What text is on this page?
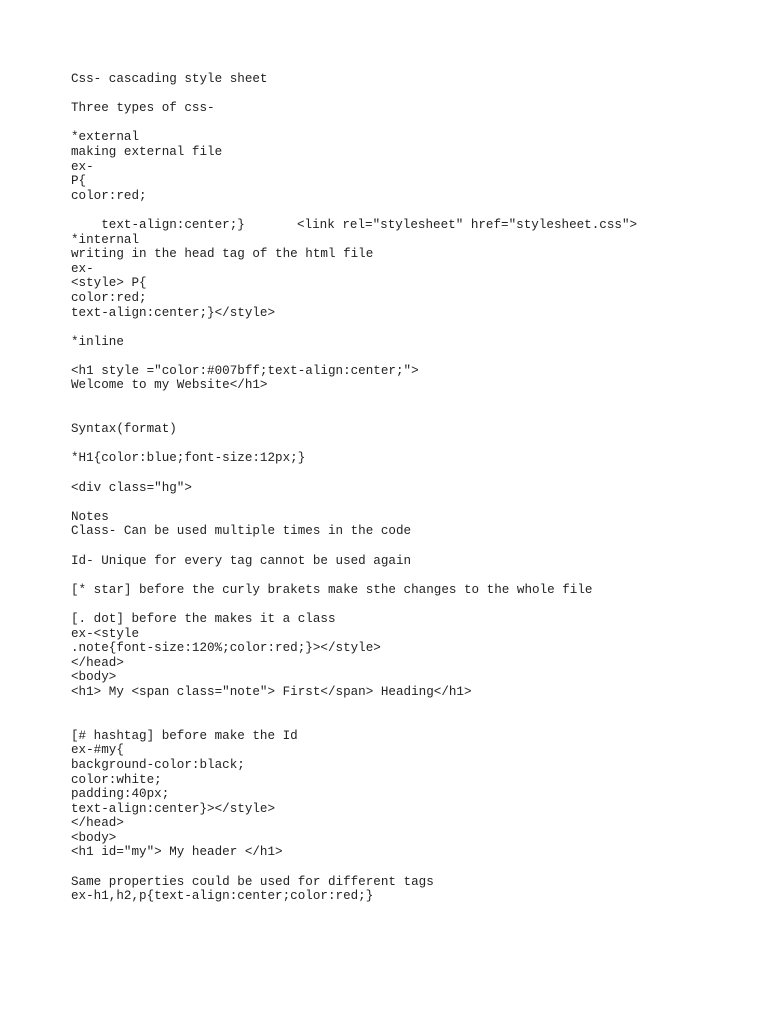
Css- cascading style sheet
Three types of css-
*external
making external file
ex-
P{
color:red;

text-align:center;}	<link rel="stylesheet" href="stylesheet.css">

*internal
writing in the head tag of the html file
ex-
<style> P{
color:red;
text-align:center;}</style>
*inline
<h1 style ="color:#007bff;text-align:center;">
Welcome to my Website</h1>
Syntax(format)
*H1{color:blue;font-size:12px;}
<div class="hg">
Notes
Class- Can be used multiple times in the code
Id- Unique for every tag cannot be used again
[* star] before the curly brakets make sthe changes to the whole file
[. dot] before the makes it a class
ex-<style
.note{font-size:120%;color:red;}></style>
</head>
<body>
<h1> My <span class="note"> First</span> Heading</h1>
[# hashtag] before make the Id
ex-#my{
background-color:black;
color:white;
padding:40px;
text-align:center}></style>
</head>
<body>
<h1 id="my"> My header </h1>
Same properties could be used for different tags
ex-h1,h2,p{text-align:center;color:red;}
